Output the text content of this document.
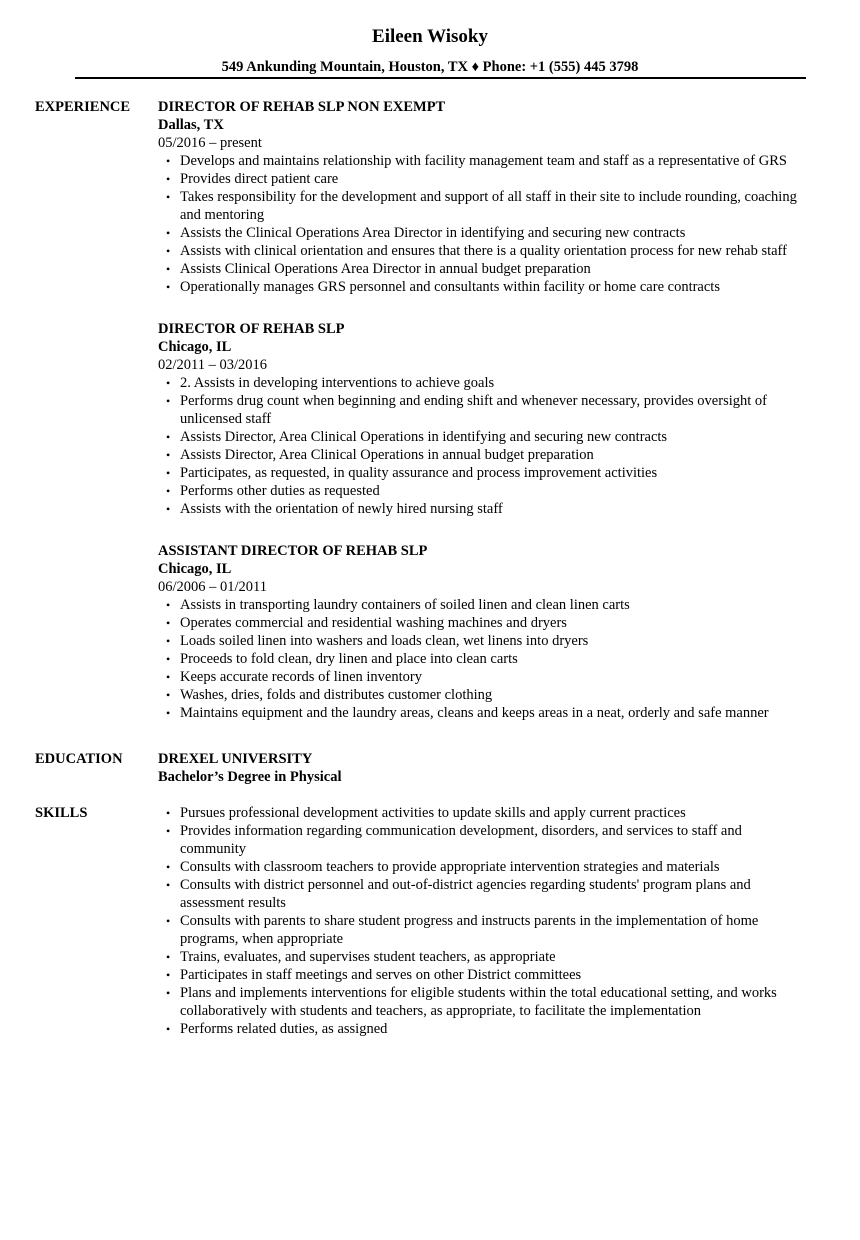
Eileen Wisoky
549 Ankunding Mountain, Houston, TX ♦ Phone: +1 (555) 445 3798
EXPERIENCE	DIRECTOR OF REHAB SLP NON EXEMPT
Dallas, TX
05/2016 – present
• Develops and maintains relationship with facility management team and staff as a representative of GRS
• Provides direct patient care
• Takes responsibility for the development and support of all staff in their site to include rounding, coaching and mentoring
• Assists the Clinical Operations Area Director in identifying and securing new contracts
• Assists with clinical orientation and ensures that there is a quality orientation process for new rehab staff
• Assists Clinical Operations Area Director in annual budget preparation
• Operationally manages GRS personnel and consultants within facility or home care contracts
DIRECTOR OF REHAB SLP
Chicago, IL
02/2011 – 03/2016
• 2. Assists in developing interventions to achieve goals
• Performs drug count when beginning and ending shift and whenever necessary, provides oversight of unlicensed staff
• Assists Director, Area Clinical Operations in identifying and securing new contracts
• Assists Director, Area Clinical Operations in annual budget preparation
• Participates, as requested, in quality assurance and process improvement activities
• Performs other duties as requested
• Assists with the orientation of newly hired nursing staff
ASSISTANT DIRECTOR OF REHAB SLP
Chicago, IL
06/2006 – 01/2011
• Assists in transporting laundry containers of soiled linen and clean linen carts
• Operates commercial and residential washing machines and dryers
• Loads soiled linen into washers and loads clean, wet linens into dryers
• Proceeds to fold clean, dry linen and place into clean carts
• Keeps accurate records of linen inventory
• Washes, dries, folds and distributes customer clothing
• Maintains equipment and the laundry areas, cleans and keeps areas in a neat, orderly and safe manner
EDUCATION	DREXEL UNIVERSITY
Bachelor’s Degree in Physical
SKILLS	• Pursues professional development activities to update skills and apply current practices
• Provides information regarding communication development, disorders, and services to staff and community
• Consults with classroom teachers to provide appropriate intervention strategies and materials
• Consults with district personnel and out-of-district agencies regarding students' program plans and assessment results
• Consults with parents to share student progress and instructs parents in the implementation of home programs, when appropriate
• Trains, evaluates, and supervises student teachers, as appropriate
• Participates in staff meetings and serves on other District committees
• Plans and implements interventions for eligible students within the total educational setting, and works collaboratively with students and teachers, as appropriate, to facilitate the implementation
• Performs related duties, as assigned
